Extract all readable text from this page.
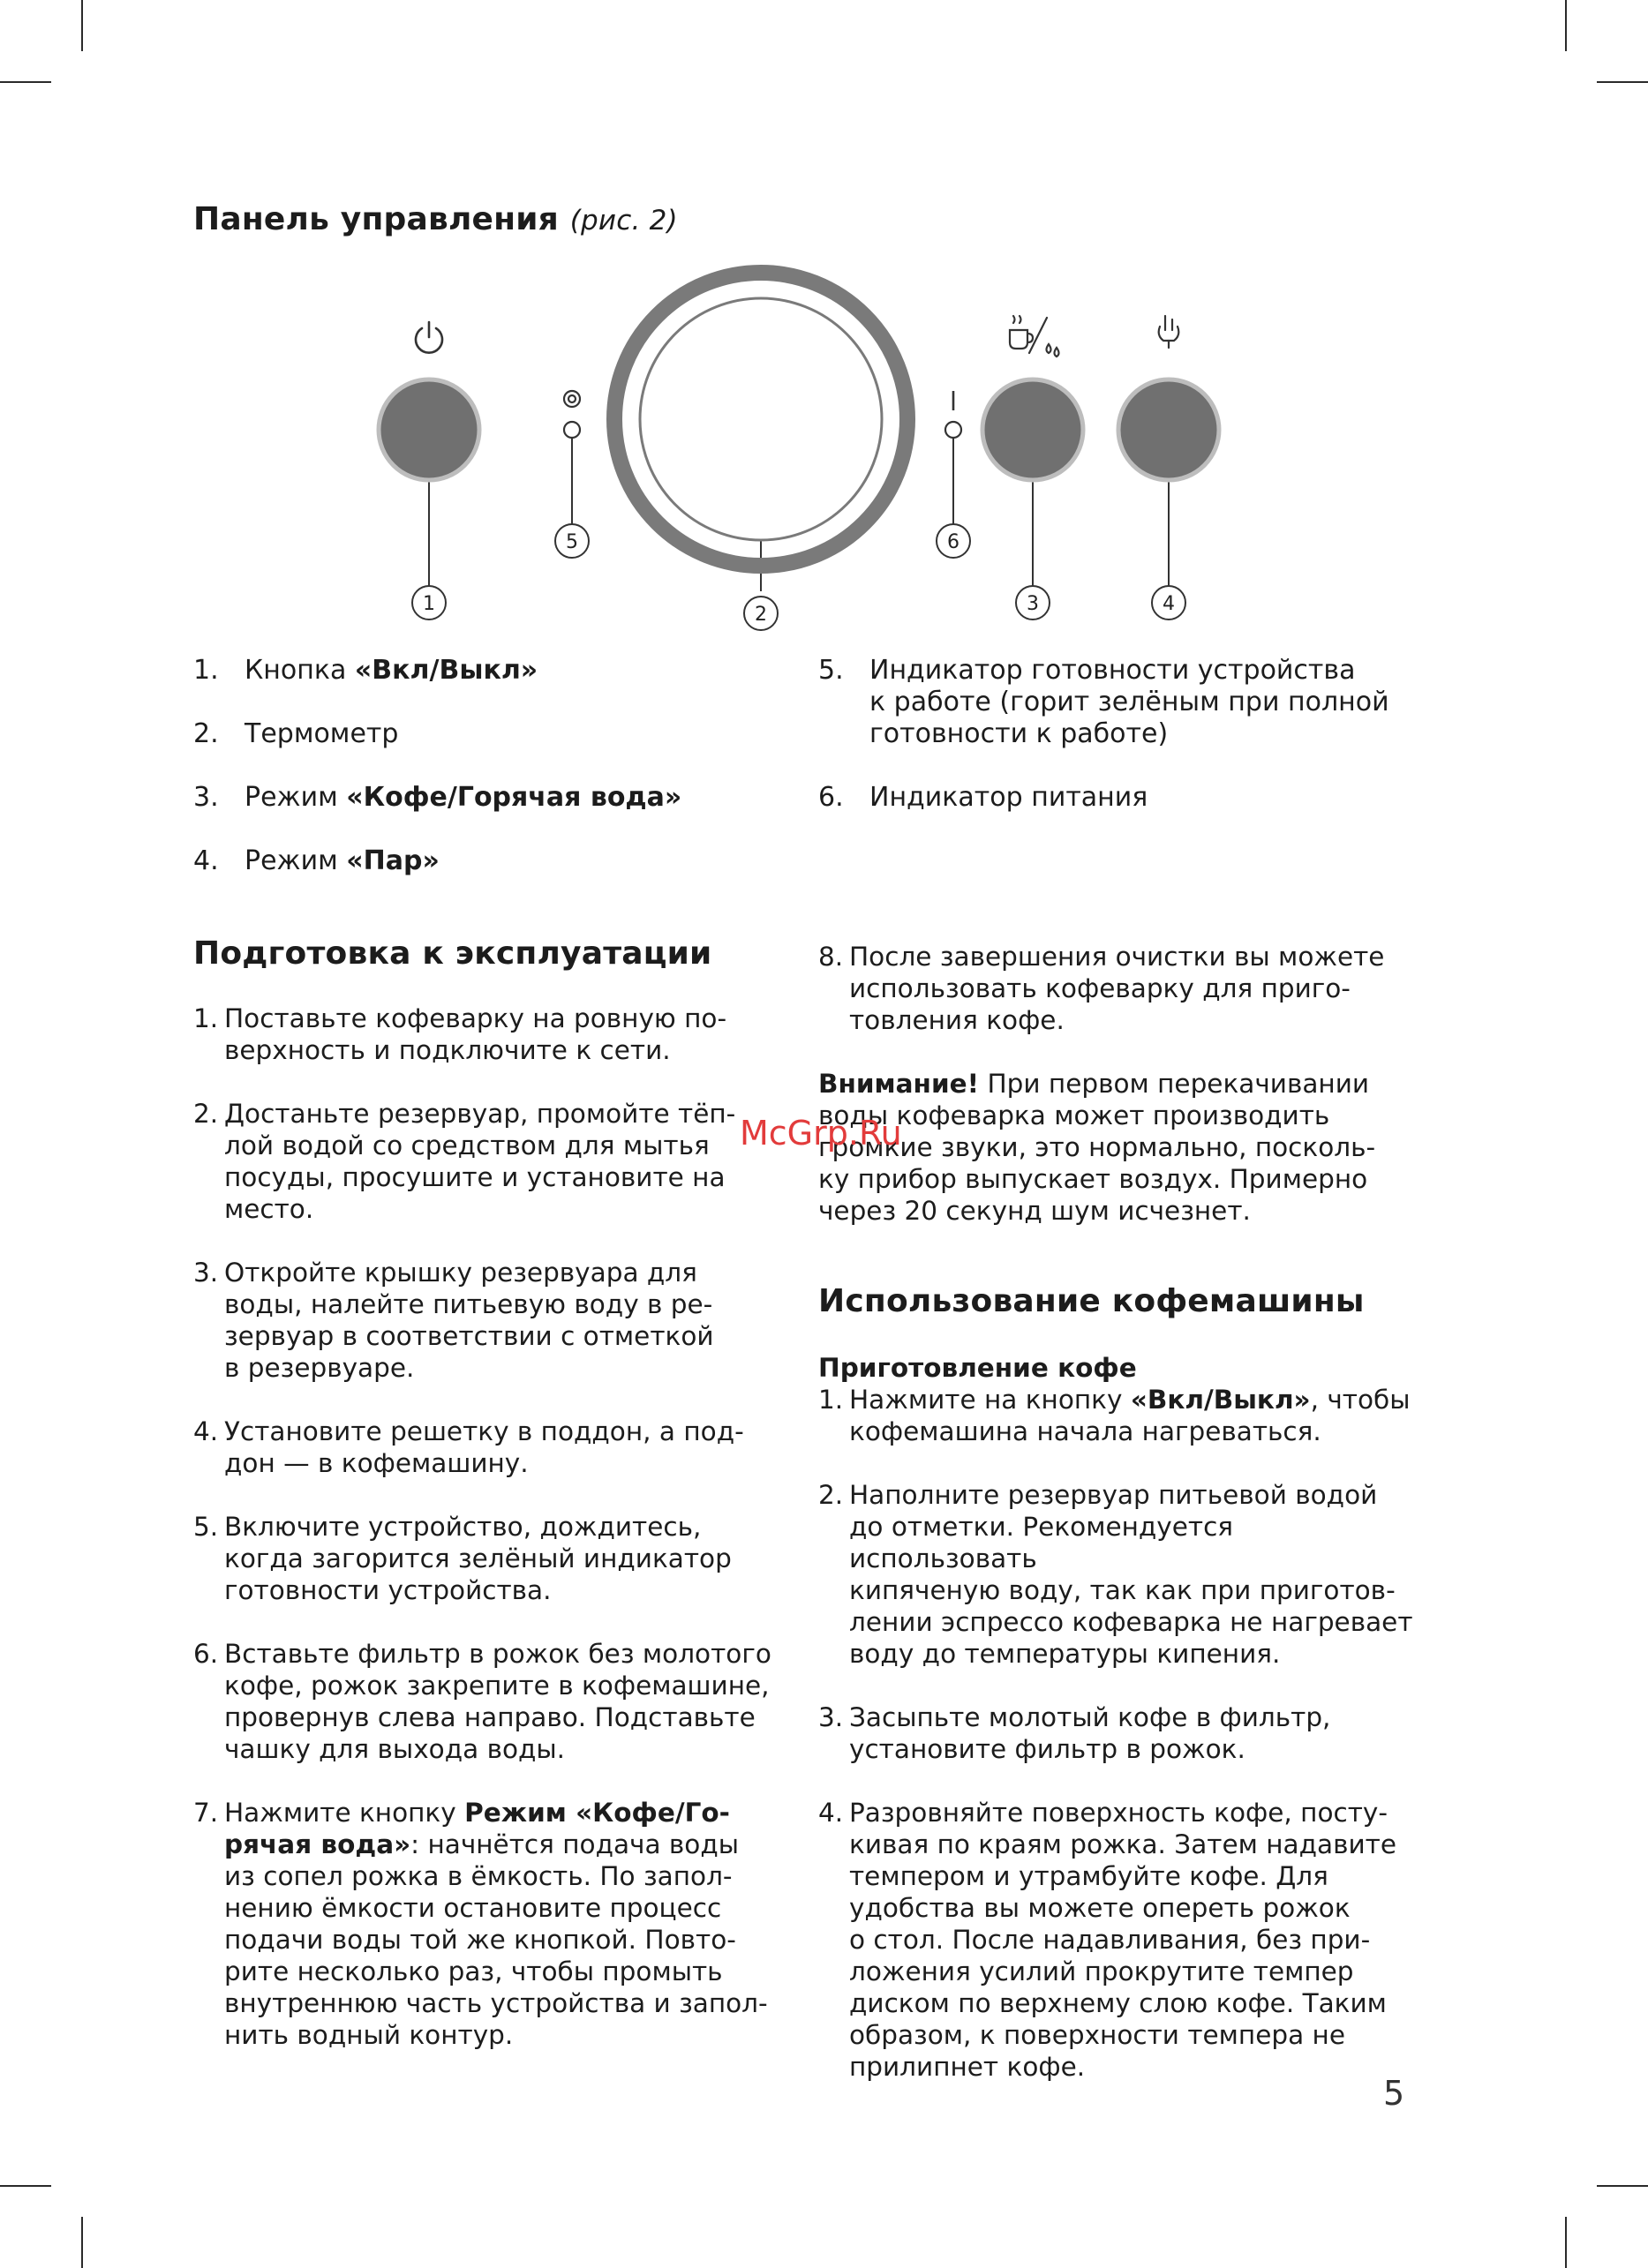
Панель управления (рис. 2)
1	2	3	4
5	6
1. Кнопка «Вкл/Выкл»
2. Термометр
3. Режим «Кофе/Горячая вода»
4. Режим «Пар»
5. Индикатор готовности устройства
к работе (горит зелёным при полной
готовности к работе)
6. Индикатор питания
Подготовка к эксплуатации
1. Поставьте кофеварку на ровную по-
верхность и подключите к сети.
2. Достаньте резервуар, промойте тёп-
лой водой со средством для мытья
посуды, просушите и установите на
место.
3. Откройте крышку резервуара для
воды, налейте питьевую воду в ре-
зервуар в соответствии с отметкой
в резервуаре.
4. Установите решетку в поддон, а под-
дон — в кофемашину.
5. Включите устройство, дождитесь,
когда загорится зелёный индикатор
готовности устройства.
6. Вставьте фильтр в рожок без молотого
кофе, рожок закрепите в кофемашине,
провернув слева направо. Подставьте
чашку для выхода воды.
7. Нажмите кнопку Режим «Кофе/Го-
рячая вода»: начнётся подача воды
из сопел рожка в ёмкость. По запол-
нению ёмкости остановите процесс
подачи воды той же кнопкой. Повто-
рите несколько раз, чтобы промыть
внутреннюю часть устройства и запол-
нить водный контур.
8. После завершения очистки вы можете
использовать кофеварку для приго-
товления кофе.
Внимание! При первом перекачивании
воды кофеварка может производить
громкие звуки, это нормально, посколь-
ку прибор выпускает воздух. Примерно
через 20 секунд шум исчезнет.
Использование кофемашины
Приготовление кофе
1. Нажмите на кнопку «Вкл/Выкл», чтобы
кофемашина начала нагреваться.
2. Наполните резервуар питьевой водой
до отметки. Рекомендуется использовать
кипяченую воду, так как при приготов-
лении эспрессо кофеварка не нагревает
воду до температуры кипения.
3. Засыпьте молотый кофе в фильтр,
установите фильтр в рожок.
4. Разровняйте поверхность кофе, посту-
кивая по краям рожка. Затем надавите
темпером и утрамбуйте кофе. Для
удобства вы можете опереть рожок
о стол. После надавливания, без при-
ложения усилий прокрутите темпер
диском по верхнему слою кофе. Таким
образом, к поверхности темпера не
прилипнет кофе.
McGrp.Ru
5
